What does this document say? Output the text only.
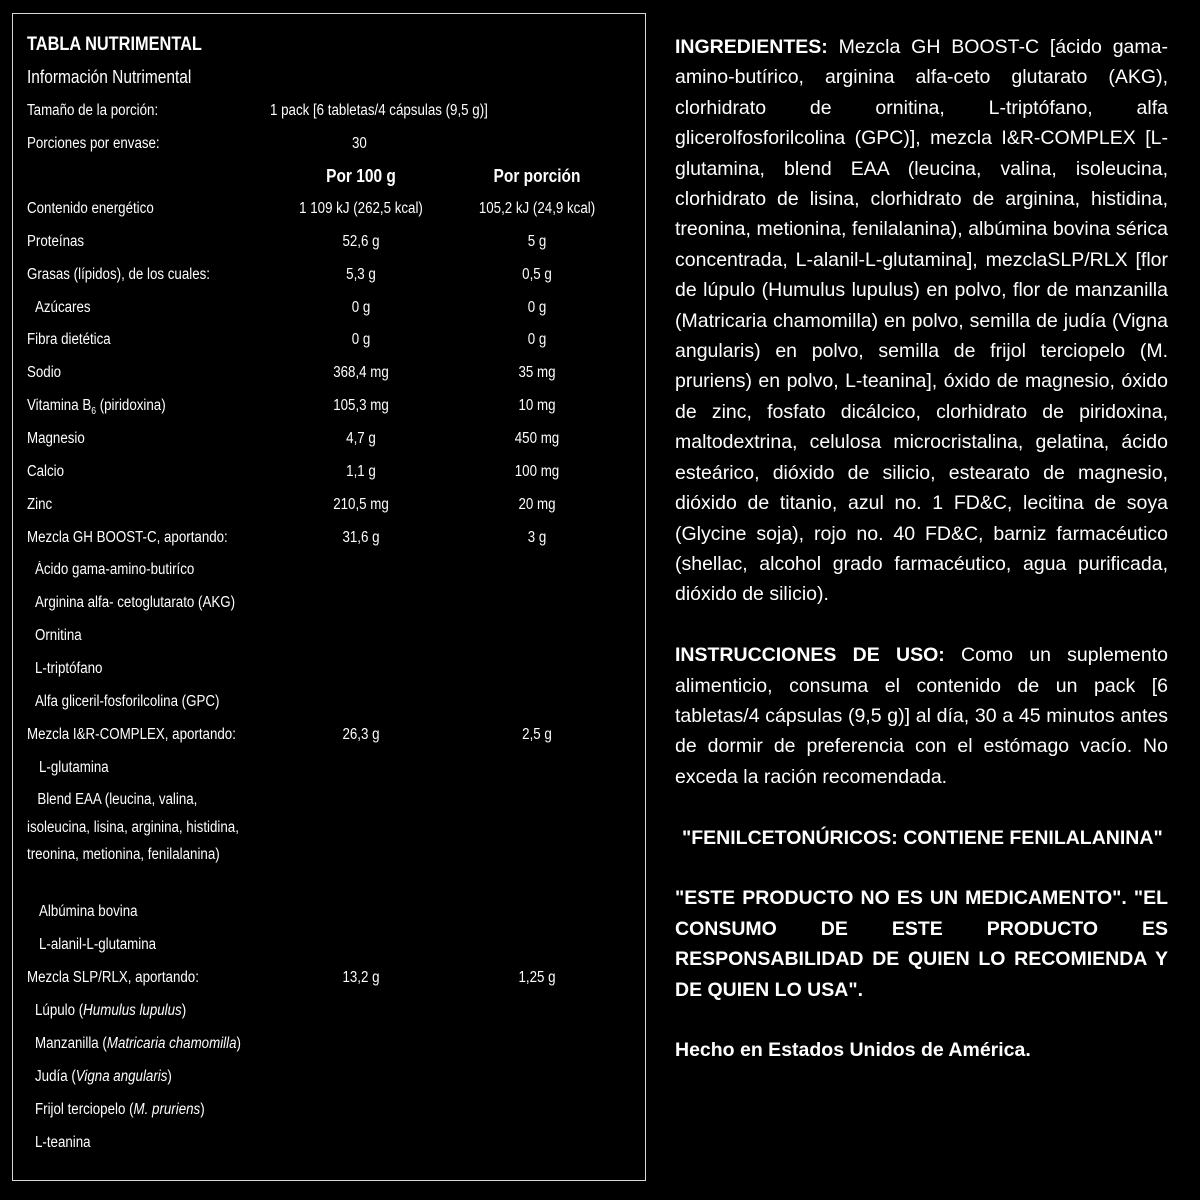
TABLA NUTRIMENTAL
Información Nutrimental
Tamaño de la porción:	1 pack [6 tabletas/4 cápsulas (9,5 g)]
Porciones por envase:	30
Por 100 g	Por porción
Contenido energético	1 109 kJ (262,5 kcal)	105,2 kJ (24,9 kcal)
Proteínas	52,6 g	5 g
Grasas (lípidos), de los cuales:	5,3 g	0,5 g
Azúcares	0 g	0 g
Fibra dietética	0 g	0 g
Sodio	368,4 mg	35 mg
Vitamina $B_6$ (piridoxina)	105,3 mg	10 mg
Magnesio	4,7 g	450 mg
Calcio	1,1 g	100 mg
Zinc	210,5 mg	20 mg
Mezcla GH BOOST-C, aportando:	31,6 g	3 g
Ácido gama-amino-butiríco
Arginina alfa- cetoglutarato (AKG)
Ornitina
L-triptófano
Alfa gliceril-fosforilcolina (GPC)
Mezcla I&R-COMPLEX, aportando:	26,3 g	2,5 g
L-glutamina
Blend EAA (leucina, valina, isoleucina, lisina, arginina, histidina, treonina, metionina, fenilalanina)
Albúmina bovina
L-alanil-L-glutamina
Mezcla SLP/RLX, aportando:	13,2 g	1,25 g
Lúpulo (Humulus lupulus)
Manzanilla (Matricaria chamomilla)
Judía (Vigna angularis)
Frijol terciopelo (M. pruriens)
L-teanina

INGREDIENTES: Mezcla GH BOOST-C [ácido gama-amino-butírico, arginina alfa-ceto glutarato (AKG), clorhidrato de ornitina, L-triptófano, alfa glicerolfosforilcolina (GPC)], mezcla I&R-COMPLEX [L-glutamina, blend EAA (leucina, valina, isoleucina, clorhidrato de lisina, clorhidrato de arginina, histidina, treonina, metionina, fenilalanina), albúmina bovina sérica concentrada, L-alanil-L-glutamina], mezclaSLP/RLX [flor de lúpulo (Humulus lupulus) en polvo, flor de manzanilla (Matricaria chamomilla) en polvo, semilla de judía (Vigna angularis) en polvo, semilla de frijol terciopelo (M. pruriens) en polvo, L-teanina], óxido de magnesio, óxido de zinc, fosfato dicálcico, clorhidrato de piridoxina, maltodextrina, celulosa microcristalina, gelatina, ácido esteárico, dióxido de silicio, estearato de magnesio, dióxido de titanio, azul no. 1 FD&C, lecitina de soya (Glycine soja), rojo no. 40 FD&C, barniz farmacéutico (shellac, alcohol grado farmacéutico, agua purificada, dióxido de silicio).

INSTRUCCIONES DE USO: Como un suplemento alimenticio, consuma el contenido de un pack [6 tabletas/4 cápsulas (9,5 g)] al día, 30 a 45 minutos antes de dormir de preferencia con el estómago vacío. No exceda la ración recomendada.

"FENILCETONÚRICOS: CONTIENE FENILALANINA"

"ESTE PRODUCTO NO ES UN MEDICAMENTO". "EL CONSUMO DE ESTE PRODUCTO ES RESPONSABILIDAD DE QUIEN LO RECOMIENDA Y DE QUIEN LO USA".

Hecho en Estados Unidos de América.
